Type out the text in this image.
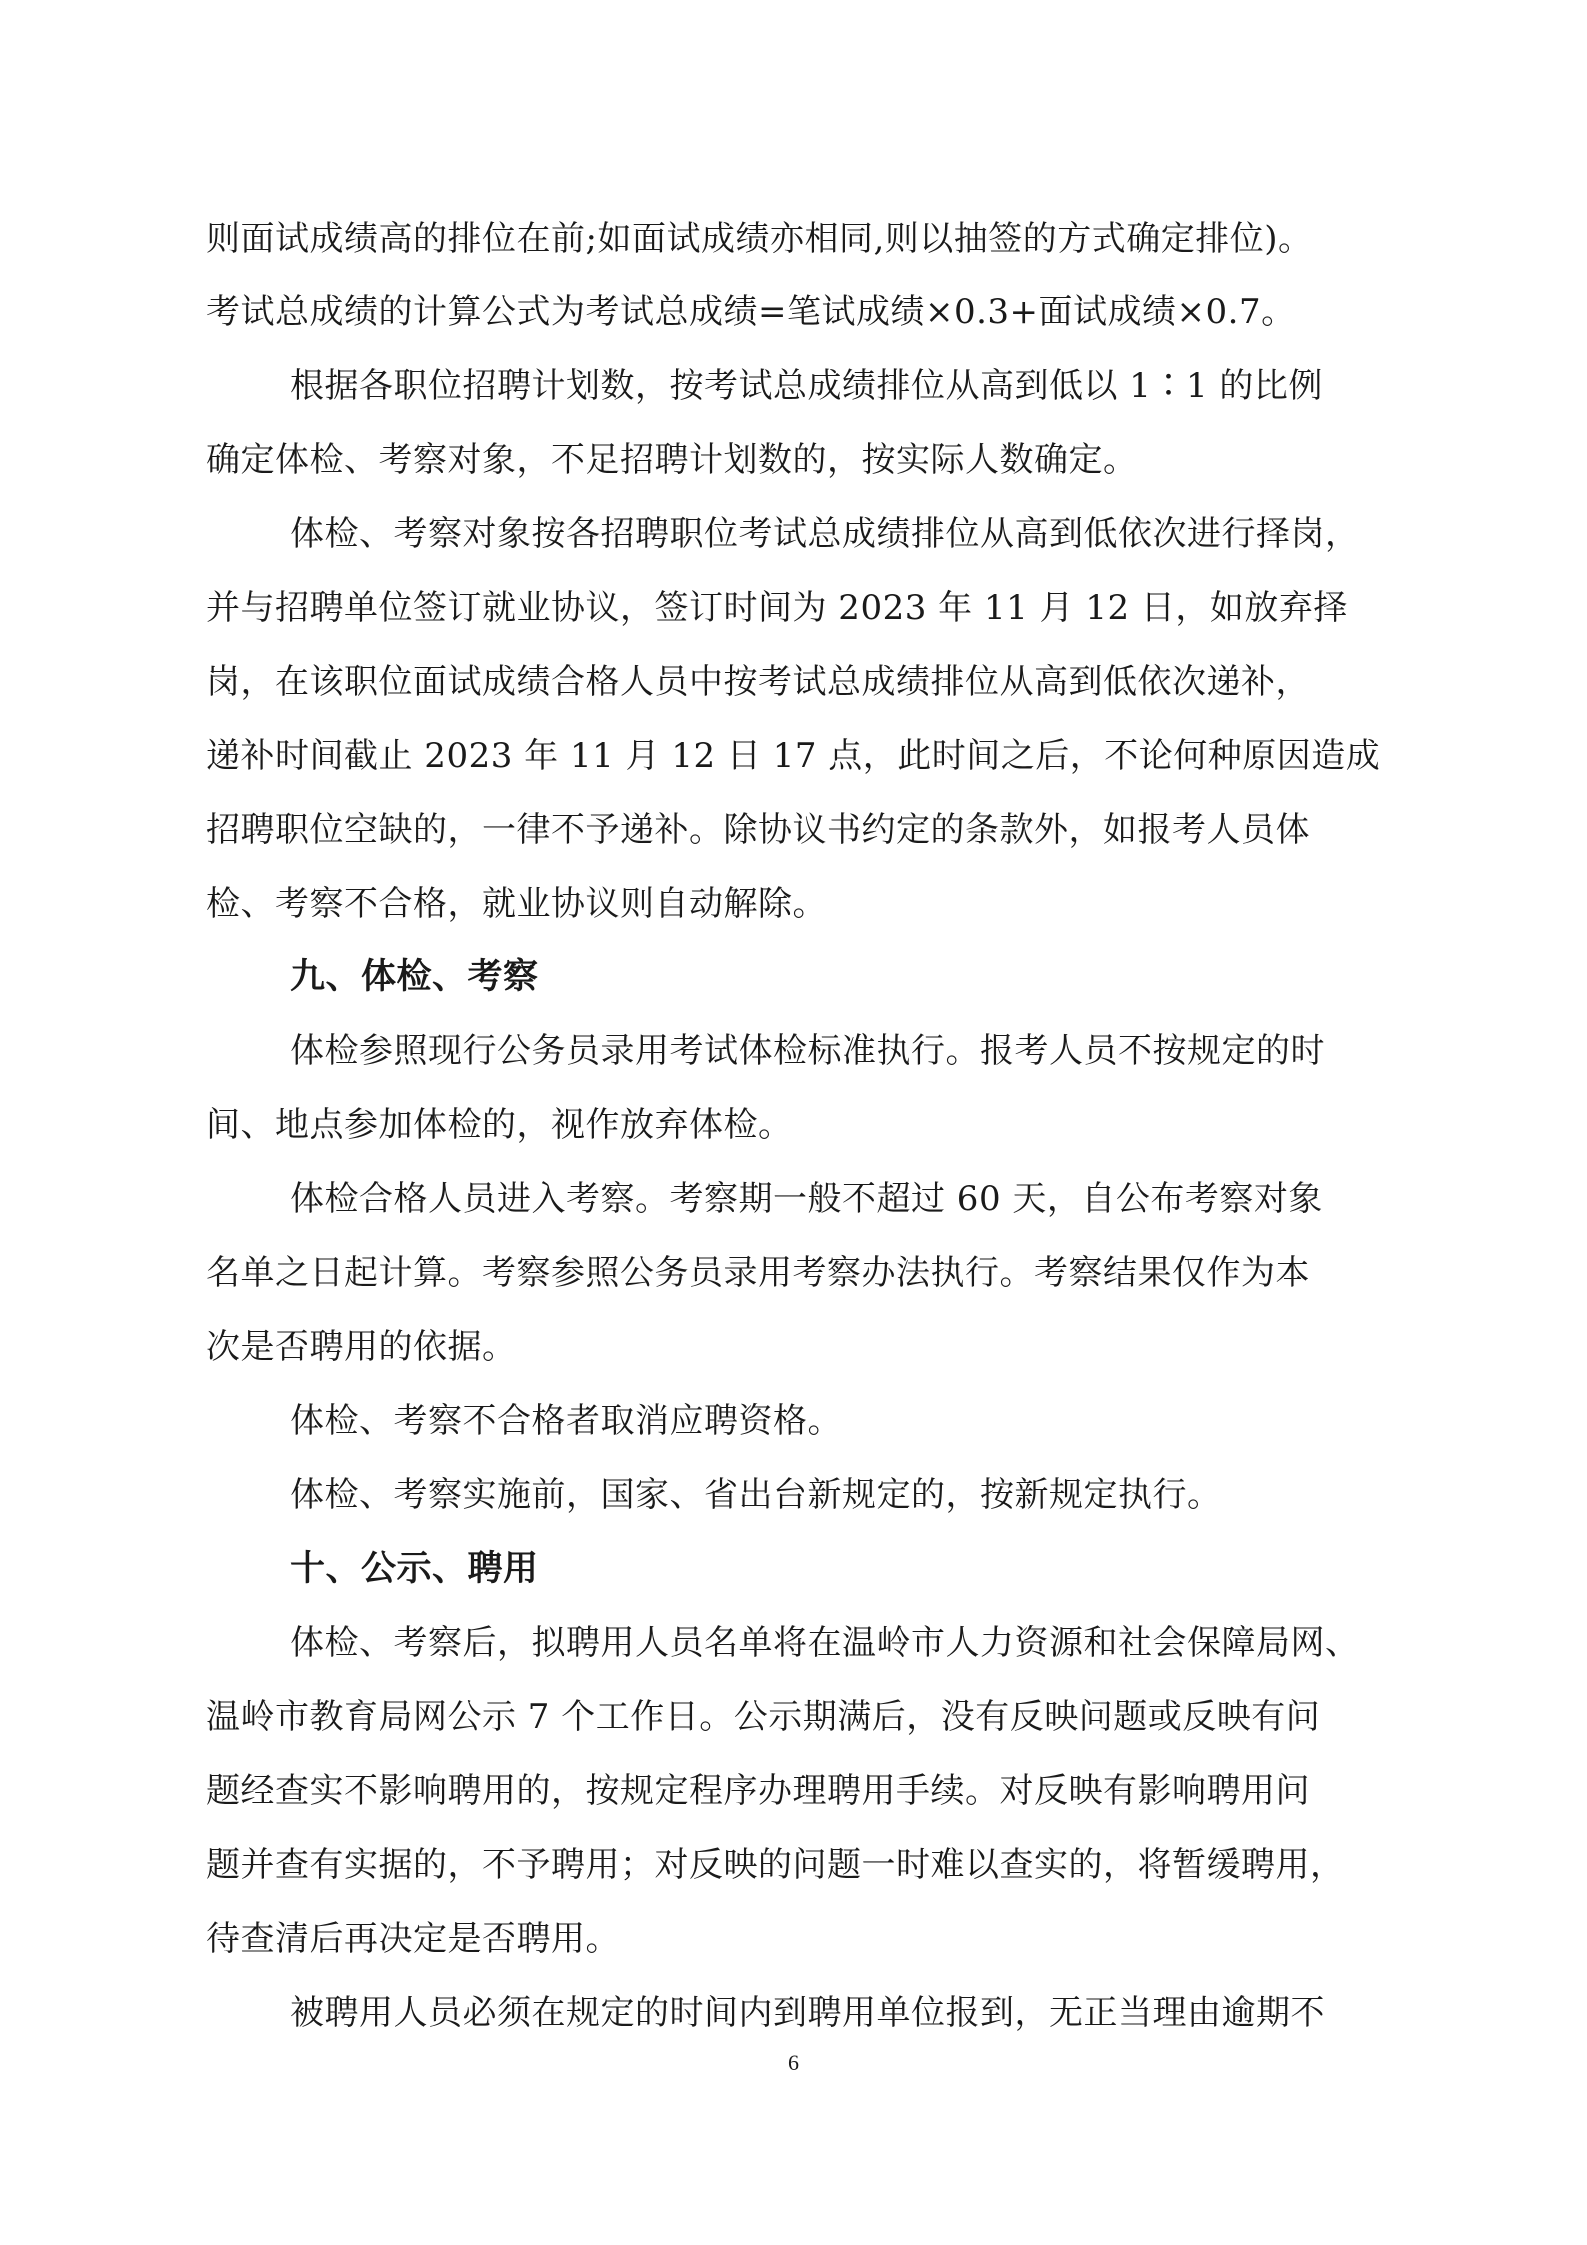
则面试成绩高的排位在前;如面试成绩亦相同,则以抽签的方式确定排位)。
考试总成绩的计算公式为考试总成绩=笔试成绩×0.3+面试成绩×0.7。
根据各职位招聘计划数，按考试总成绩排位从高到低以 1∶1 的比例
确定体检、考察对象，不足招聘计划数的，按实际人数确定。
体检、考察对象按各招聘职位考试总成绩排位从高到低依次进行择岗，
并与招聘单位签订就业协议，签订时间为 2023 年 11 月 12 日，如放弃择
岗，在该职位面试成绩合格人员中按考试总成绩排位从高到低依次递补，
递补时间截止 2023 年 11 月 12 日 17 点，此时间之后，不论何种原因造成
招聘职位空缺的，一律不予递补。除协议书约定的条款外，如报考人员体
检、考察不合格，就业协议则自动解除。
九、体检、考察
体检参照现行公务员录用考试体检标准执行。报考人员不按规定的时
间、地点参加体检的，视作放弃体检。
体检合格人员进入考察。考察期一般不超过 60 天，自公布考察对象
名单之日起计算。考察参照公务员录用考察办法执行。考察结果仅作为本
次是否聘用的依据。
体检、考察不合格者取消应聘资格。
体检、考察实施前，国家、省出台新规定的，按新规定执行。
十、公示、聘用
体检、考察后，拟聘用人员名单将在温岭市人力资源和社会保障局网、
温岭市教育局网公示 7 个工作日。公示期满后，没有反映问题或反映有问
题经查实不影响聘用的，按规定程序办理聘用手续。对反映有影响聘用问
题并查有实据的，不予聘用；对反映的问题一时难以查实的，将暂缓聘用，
待查清后再决定是否聘用。
被聘用人员必须在规定的时间内到聘用单位报到，无正当理由逾期不
6
